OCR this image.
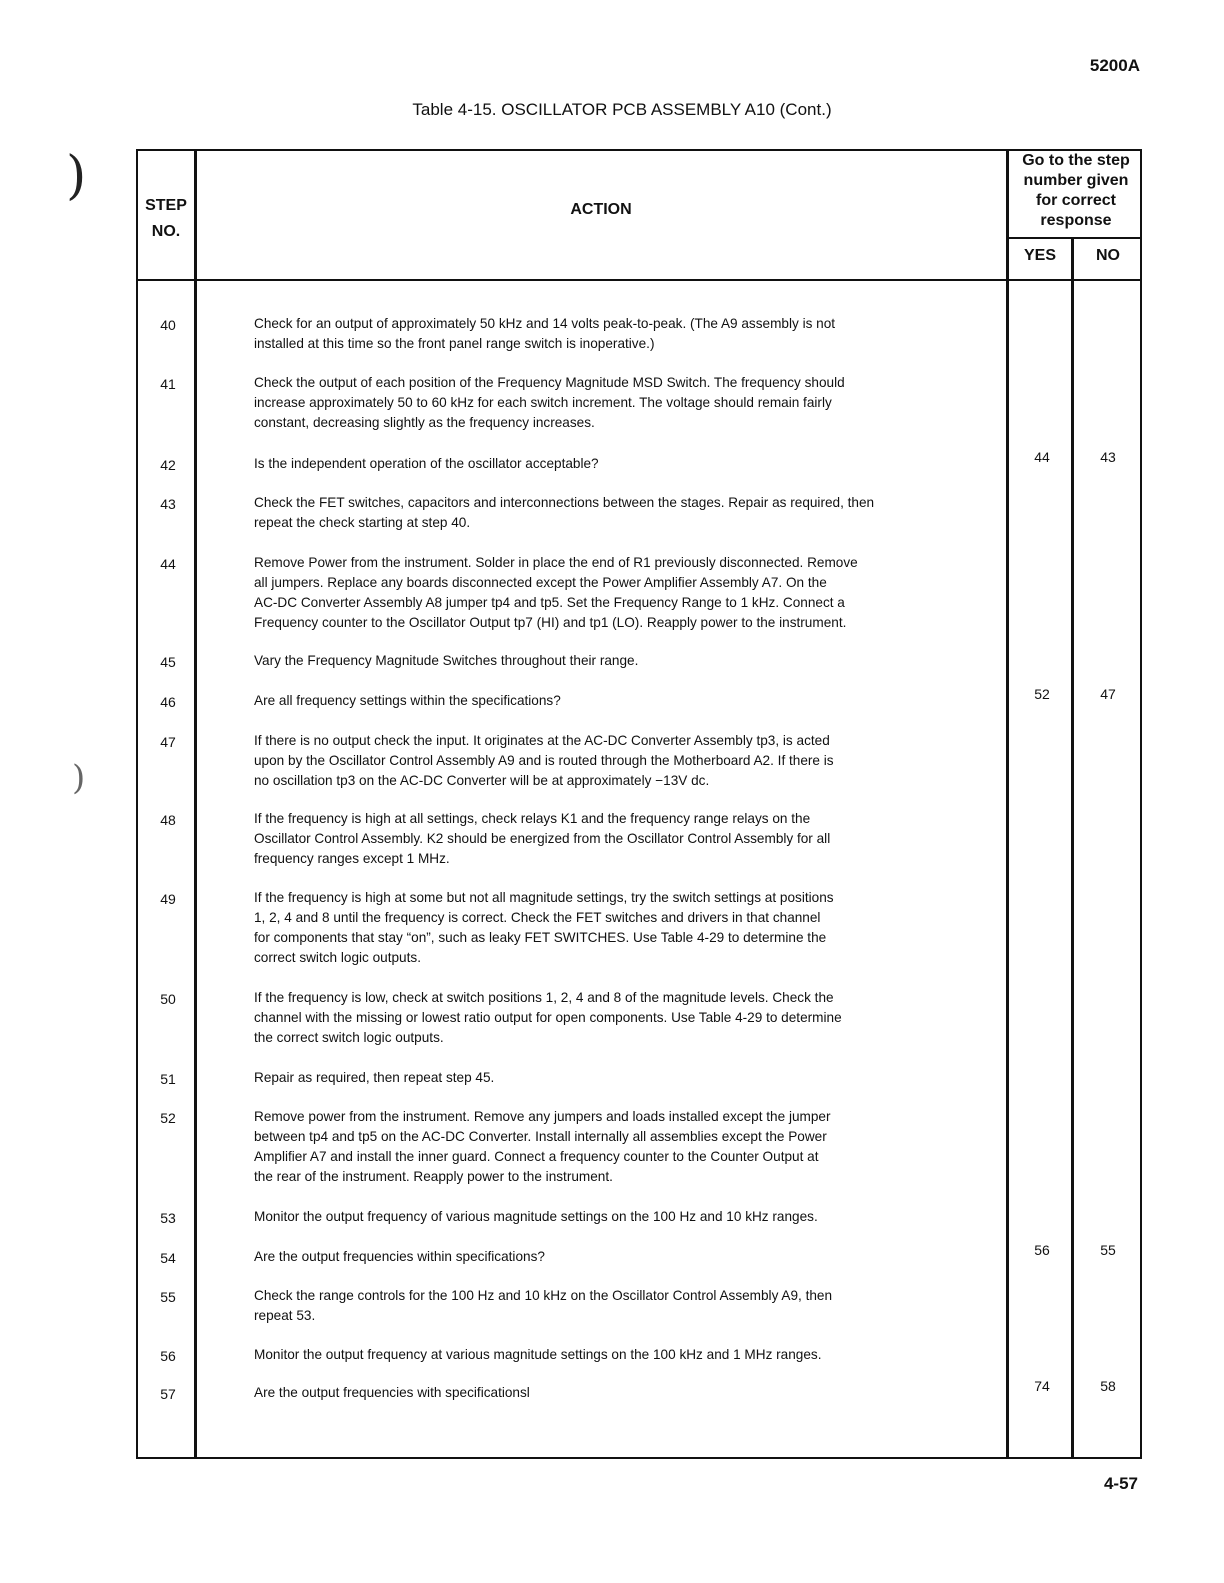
5200A
Table 4-15. OSCILLATOR PCB ASSEMBLY A10 (Cont.)
)
)
STEP
NO.
ACTION
Go to the step
number given
for correct
response
YES	NO
40	Check for an output of approximately 50 kHz and 14 volts peak-to-peak. (The A9 assembly is not
installed at this time so the front panel range switch is inoperative.)
41	Check the output of each position of the Frequency Magnitude MSD Switch. The frequency should
increase approximately 50 to 60 kHz for each switch increment. The voltage should remain fairly
constant, decreasing slightly as the frequency increases.
42	Is the independent operation of the oscillator acceptable?	44	43
43	Check the FET switches, capacitors and interconnections between the stages. Repair as required, then
repeat the check starting at step 40.
44	Remove Power from the instrument. Solder in place the end of R1 previously disconnected. Remove
all jumpers. Replace any boards disconnected except the Power Amplifier Assembly A7. On the
AC-DC Converter Assembly A8 jumper tp4 and tp5. Set the Frequency Range to 1 kHz. Connect a
Frequency counter to the Oscillator Output tp7 (HI) and tp1 (LO). Reapply power to the instrument.
45	Vary the Frequency Magnitude Switches throughout their range.
46	Are all frequency settings within the specifications?	52	47
47	If there is no output check the input. It originates at the AC-DC Converter Assembly tp3, is acted
upon by the Oscillator Control Assembly A9 and is routed through the Motherboard A2. If there is
no oscillation tp3 on the AC-DC Converter will be at approximately −13V dc.
48	If the frequency is high at all settings, check relays K1 and the frequency range relays on the
Oscillator Control Assembly. K2 should be energized from the Oscillator Control Assembly for all
frequency ranges except 1 MHz.
49	If the frequency is high at some but not all magnitude settings, try the switch settings at positions
1, 2, 4 and 8 until the frequency is correct. Check the FET switches and drivers in that channel
for components that stay “on”, such as leaky FET SWITCHES. Use Table 4-29 to determine the
correct switch logic outputs.
50	If the frequency is low, check at switch positions 1, 2, 4 and 8 of the magnitude levels. Check the
channel with the missing or lowest ratio output for open components. Use Table 4-29 to determine
the correct switch logic outputs.
51	Repair as required, then repeat step 45.
52	Remove power from the instrument. Remove any jumpers and loads installed except the jumper
between tp4 and tp5 on the AC-DC Converter. Install internally all assemblies except the Power
Amplifier A7 and install the inner guard. Connect a frequency counter to the Counter Output at
the rear of the instrument. Reapply power to the instrument.
53	Monitor the output frequency of various magnitude settings on the 100 Hz and 10 kHz ranges.
54	Are the output frequencies within specifications?	56	55
55	Check the range controls for the 100 Hz and 10 kHz on the Oscillator Control Assembly A9, then
repeat 53.
56	Monitor the output frequency at various magnitude settings on the 100 kHz and 1 MHz ranges.
57	Are the output frequencies with specificationsl	74	58
4-57
